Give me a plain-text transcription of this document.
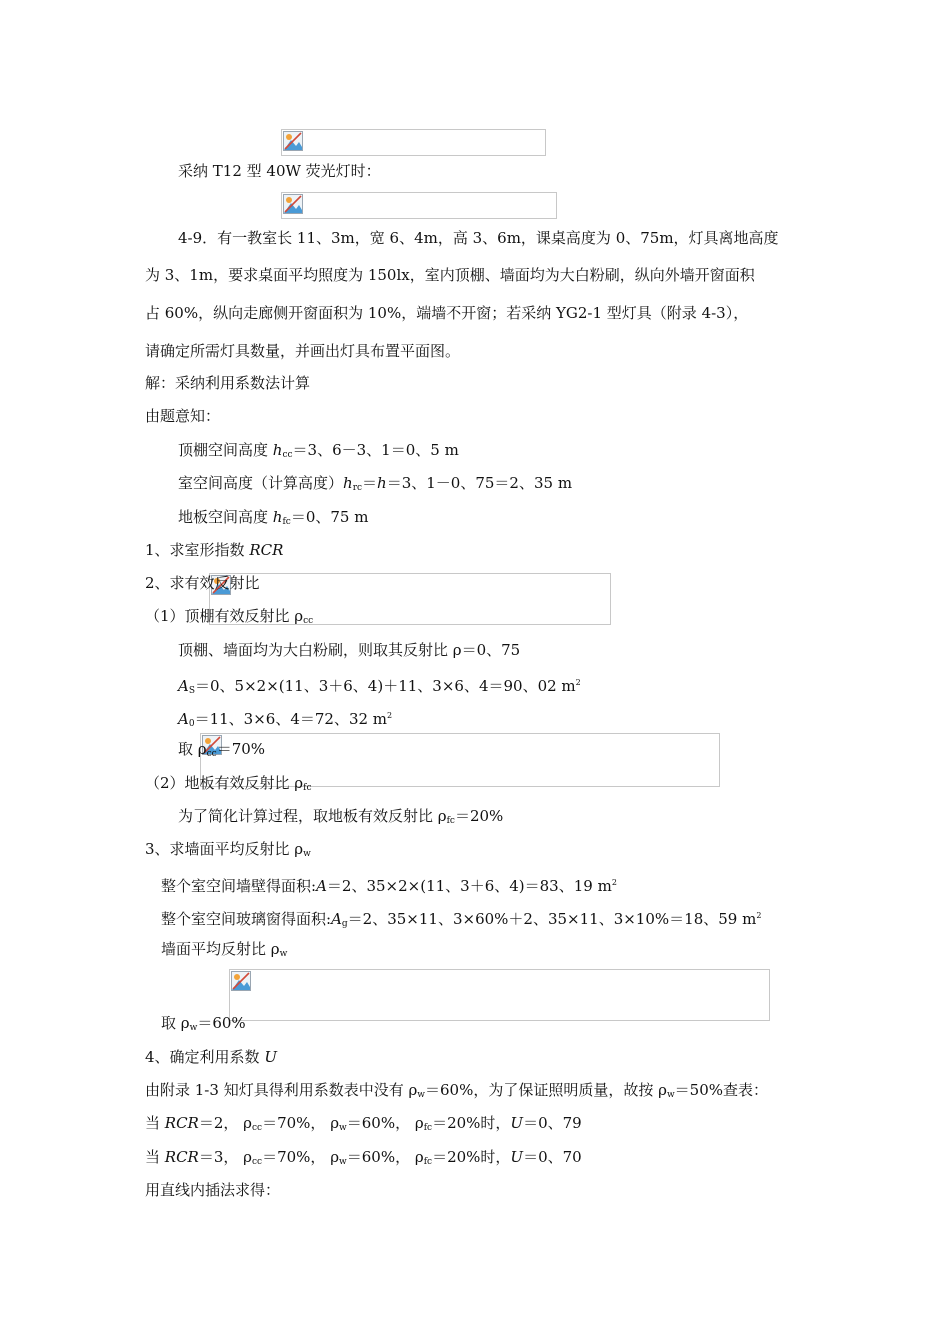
采纳 T12 型 40W 荧光灯时：
4-9．有一教室长 11、3m，宽 6、4m，高 3、6m，课桌高度为 0、75m，灯具离地高度
为 3、1m，要求桌面平均照度为 150lx，室内顶棚、墙面均为大白粉刷，纵向外墙开窗面积
占 60%，纵向走廊侧开窗面积为 10%，端墙不开窗；若采纳 YG2-1 型灯具（附录 4-3），
请确定所需灯具数量，并画出灯具布置平面图。
解：采纳利用系数法计算
由题意知：
顶棚空间高度 $h_{cc}=3$、6－3、1＝0、5 m
室空间高度（计算高度）$h_{rc}=h=3$、1－0、75＝2、35 m
地板空间高度 $h_{fc}=0$、75 m
1、求室形指数 RCR
2、求有效反射比
（1）顶棚有效反射比 $\rho_{cc}$
顶棚、墙面均为大白粉刷，则取其反射比 ρ＝0、75
$A_S=0$、5×2×(11、3＋6、4)＋11、3×6、4＝90、02 $m^2$
$A_0=11$、3×6、4＝72、32 $m^2$
取 $\rho_{cc}=70\%$
（2）地板有效反射比 $\rho_{fc}$
为了简化计算过程，取地板有效反射比 $\rho_{fc}=20\%$
3、求墙面平均反射比 $\rho_w$
整个室空间墙壁得面积:A＝2、35×2×(11、3＋6、4)＝83、19 $m^2$
整个室空间玻璃窗得面积$:A_g=2$、35×11、3×60%＋2、35×11、3×10%＝18、59 $m^2$
墙面平均反射比 $\rho_w$
取 $\rho_w=60\%$
4、确定利用系数 U
由附录 1-3 知灯具得利用系数表中没有 $\rho_w=60\%$，为了保证照明质量，故按 $\rho_w=50\%$查表：
当 RCR＝2， $\rho_{cc}=70\%$， $\rho_w=60\%$， $\rho_{fc}=20\%$时，U＝0、79
当 RCR＝3， $\rho_{cc}=70\%$， $\rho_w=60\%$， $\rho_{fc}=20\%$时，U＝0、70
用直线内插法求得：
